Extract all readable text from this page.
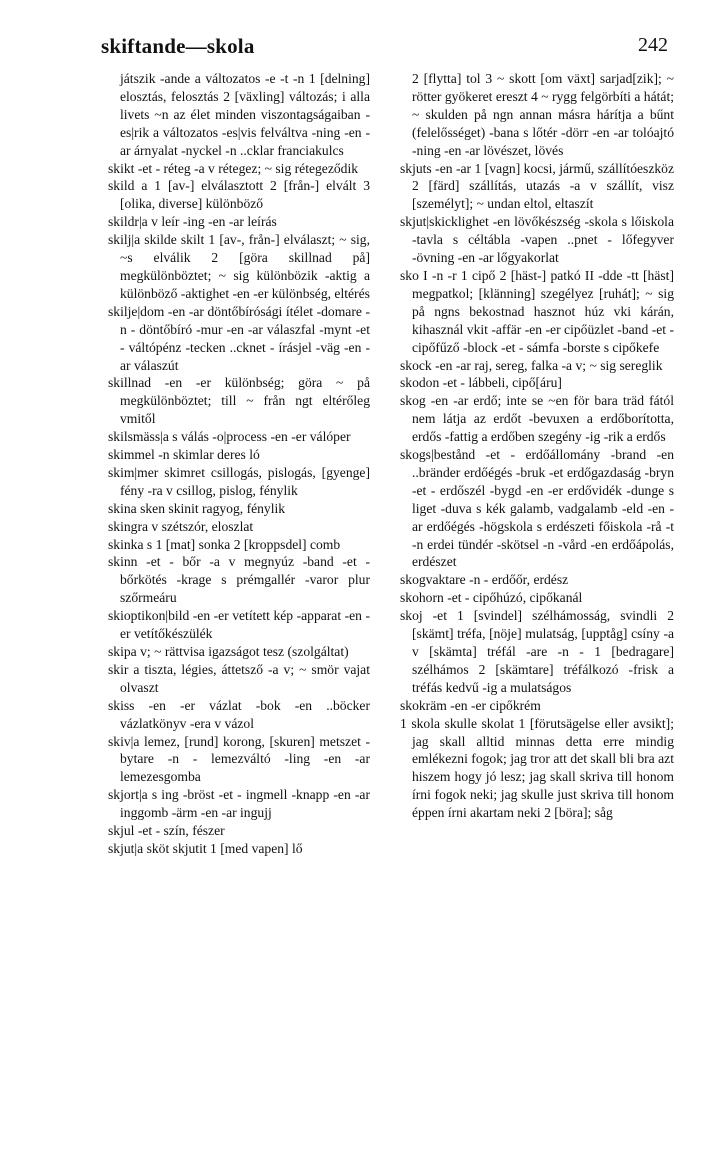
skiftande—skola	242
játszik -ande a változatos -e -t -n 1 [delning] elosztás, felosztás 2 [växling] változás; i alla livets ~n az élet minden viszontagságaiban -es|rik a változatos -es|vis felváltva -ning -en -ar árnyalat -nyckel -n ..cklar franciakulcs
skikt -et - réteg -a v rétegez; ~ sig rétegeződik
skild a 1 [av-] elválasztott 2 [från-] elvált 3 [olika, diverse] különböző
skildr|a v leír -ing -en -ar leírás
skilj|a skilde skilt 1 [av-, från-] elválaszt; ~ sig, ~s elválik 2 [göra skillnad på] megkülönböztet; ~ sig különbözik -aktig a különböző -aktighet -en -er különbség, eltérés
skilje|dom -en -ar döntőbírósági ítélet -domare -n - döntőbíró -mur -en -ar válaszfal -mynt -et - váltópénz -tecken ..cknet - írásjel -väg -en -ar válaszút
skillnad -en -er különbség; göra ~ på megkülönböztet; till ~ från ngt eltérőleg vmitől
skilsmäss|a s válás -o|process -en -er válóper
skimmel -n skimlar deres ló
skim|mer skimret csillogás, pislogás, [gyenge] fény -ra v csillog, pislog, fénylik
skina sken skinit ragyog, fénylik
skingra v szétszór, eloszlat
skinka s 1 [mat] sonka 2 [kroppsdel] comb
skinn -et - bőr -a v megnyúz -band -et - bőrkötés -krage s prémgallér -varor plur szőrmeáru
skioptikon|bild -en -er vetített kép -apparat -en -er vetítőkészülék
skipa v; ~ rättvisa igazságot tesz (szolgáltat)
skir a tiszta, légies, áttetsző -a v; ~ smör vajat olvaszt
skiss -en -er vázlat -bok -en ..böcker vázlatkönyv -era v vázol
skiv|a lemez, [rund] korong, [skuren] metszet -bytare -n - lemezváltó -ling -en -ar lemezesgomba
skjort|a s ing -bröst -et - ingmell -knapp -en -ar inggomb -ärm -en -ar ingujj
skjul -et - szín, fészer
skjut|a sköt skjutit 1 [med vapen] lő
2 [flytta] tol 3 ~ skott [om växt] sarjad[zik]; ~ rötter gyökeret ereszt 4 ~ rygg felgörbíti a hátát; ~ skulden på ngn annan másra hárítja a bűnt (felelősséget) -bana s lőtér -dörr -en -ar tolóajtó -ning -en -ar lövészet, lövés
skjuts -en -ar 1 [vagn] kocsi, jármű, szállítóeszköz 2 [färd] szállítás, utazás -a v szállít, visz [személyt]; ~ undan eltol, eltaszít
skjut|skicklighet -en lövőkészség -skola s lőiskola -tavla s céltábla -vapen ..pnet - lőfegyver -övning -en -ar lőgyakorlat
sko I -n -r 1 cipő 2 [häst-] patkó II -dde -tt [häst] megpatkol; [klänning] szegélyez [ruhát]; ~ sig på ngns bekostnad hasznot húz vki kárán, kihasznál vkit -affär -en -er cipőüzlet -band -et - cipőfűző -block -et - sámfa -borste s cipőkefe
skock -en -ar raj, sereg, falka -a v; ~ sig sereglik
skodon -et - lábbeli, cipő[áru]
skog -en -ar erdő; inte se ~en för bara träd fától nem látja az erdőt -bevuxen a erdőborította, erdős -fattig a erdőben szegény -ig -rik a erdős
skogs|bestånd -et - erdőállomány -brand -en ..bränder erdőégés -bruk -et erdőgazdaság -bryn -et - erdőszél -bygd -en -er erdővidék -dunge s liget -duva s kék galamb, vadgalamb -eld -en -ar erdőégés -högskola s erdészeti főiskola -rå -t -n erdei tündér -skötsel -n -vård -en erdőápolás, erdészet
skogvaktare -n - erdőőr, erdész
skohorn -et - cipőhúzó, cipőkanál
skoj -et 1 [svindel] szélhámosság, svindli 2 [skämt] tréfa, [nöje] mulatság, [upptåg] csíny -a v [skämta] tréfál -are -n - 1 [bedragare] szélhámos 2 [skämtare] tréfálkozó -frisk a tréfás kedvű -ig a mulatságos
skokräm -en -er cipőkrém
1 skola skulle skolat 1 [förutsägelse eller avsikt]; jag skall alltid minnas detta erre mindig emlékezni fogok; jag tror att det skall bli bra azt hiszem hogy jó lesz; jag skall skriva till honom írni fogok neki; jag skulle just skriva till honom éppen írni akartam neki 2 [böra]; såg
